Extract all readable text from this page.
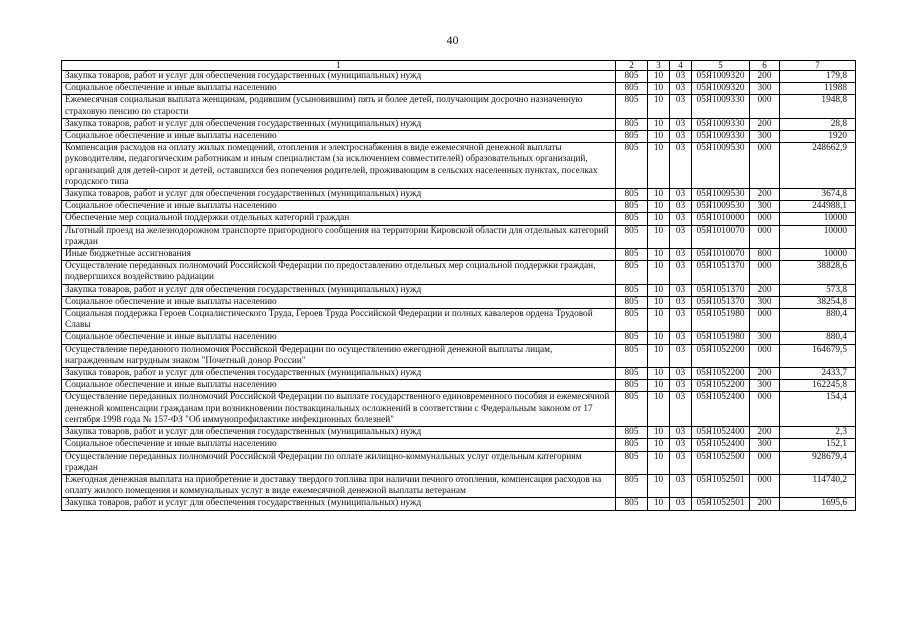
40
1	2	3	4	5	6	7
Закупка товаров, работ и услуг для обеспечения государственных (муниципальных) нужд	805	10	03	05Я1009320	200	179,8
Социальное обеспечение и иные выплаты населению	805	10	03	05Я1009320	300	11988
Ежемесячная социальная выплата женщинам, родившим (усыновившим) пять и более детей, получающим досрочно назначенную страховую пенсию по старости	805	10	03	05Я1009330	000	1948,8
Закупка товаров, работ и услуг для обеспечения государственных (муниципальных) нужд	805	10	03	05Я1009330	200	28,8
Социальное обеспечение и иные выплаты населению	805	10	03	05Я1009330	300	1920
Компенсация расходов на оплату жилых помещений, отопления и электроснабжения в виде ежемесячной денежной выплаты руководителям, педагогическим работникам и иным специалистам (за исключением совместителей) образовательных организаций, организаций для детей-сирот и детей, оставшихся без попечения родителей, проживающим в сельских населенных пунктах, поселках городского типа	805	10	03	05Я1009530	000	248662,9
Закупка товаров, работ и услуг для обеспечения государственных (муниципальных) нужд	805	10	03	05Я1009530	200	3674,8
Социальное обеспечение и иные выплаты населению	805	10	03	05Я1009530	300	244988,1
Обеспечение мер социальной поддержки отдельных категорий граждан	805	10	03	05Я1010000	000	10000
Льготный проезд на железнодорожном транспорте пригородного сообщения на территории Кировской области для отдельных категорий граждан	805	10	03	05Я1010070	000	10000
Иные бюджетные ассигнования	805	10	03	05Я1010070	800	10000
Осуществление переданных полномочий Российской Федерации по предоставлению отдельных мер социальной поддержки граждан, подвергшихся воздействию радиации	805	10	03	05Я1051370	000	38828,6
Закупка товаров, работ и услуг для обеспечения государственных (муниципальных) нужд	805	10	03	05Я1051370	200	573,8
Социальное обеспечение и иные выплаты населению	805	10	03	05Я1051370	300	38254,8
Социальная поддержка Героев Социалистического Труда, Героев Труда Российской Федерации и полных кавалеров ордена Трудовой Славы	805	10	03	05Я1051980	000	880,4
Социальное обеспечение и иные выплаты населению	805	10	03	05Я1051980	300	880,4
Осуществление переданного полномочия Российской Федерации по осуществлению ежегодной денежной выплаты лицам, награжденным нагрудным знаком "Почетный донор России"	805	10	03	05Я1052200	000	164679,5
Закупка товаров, работ и услуг для обеспечения государственных (муниципальных) нужд	805	10	03	05Я1052200	200	2433,7
Социальное обеспечение и иные выплаты населению	805	10	03	05Я1052200	300	162245,8
Осуществление переданных полномочий Российской Федерации по выплате государственного единовременного пособия и ежемесячной денежной компенсации гражданам при возникновении поствакцинальных осложнений в соответствии с Федеральным законом от 17 сентября 1998 года № 157-ФЗ "Об иммунопрофилактике инфекционных болезней"	805	10	03	05Я1052400	000	154,4
Закупка товаров, работ и услуг для обеспечения государственных (муниципальных) нужд	805	10	03	05Я1052400	200	2,3
Социальное обеспечение и иные выплаты населению	805	10	03	05Я1052400	300	152,1
Осуществление переданных полномочий Российской Федерации по оплате жилищно-коммунальных услуг отдельным категориям граждан	805	10	03	05Я1052500	000	928679,4
Ежегодная денежная выплата на приобретение и доставку твердого топлива при наличии печного отопления, компенсация расходов на оплату жилого помещения и коммунальных услуг в виде ежемесячной денежной выплаты ветеранам	805	10	03	05Я1052501	000	114740,2
Закупка товаров, работ и услуг для обеспечения государственных (муниципальных) нужд	805	10	03	05Я1052501	200	1695,6
